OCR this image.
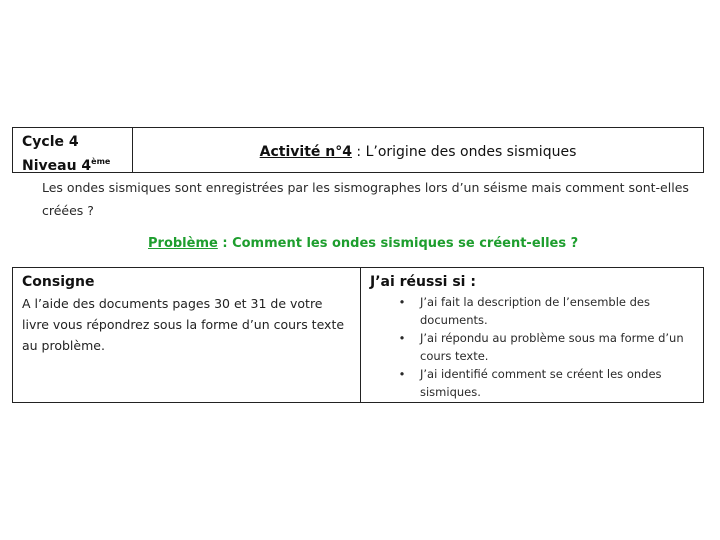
Cycle 4
Niveau 4ème
Activité n°4 : L’origine des ondes sismiques
Les ondes sismiques sont enregistrées par les sismographes lors d’un séisme mais comment sont-elles créées ?
Problème : Comment les ondes sismiques se créent-elles ?
Consigne
A l’aide des documents pages 30 et 31 de votre livre vous répondrez sous la forme d’un cours texte au problème.
J’ai réussi si :
•	J’ai fait la description de l’ensemble des documents.
•	J’ai répondu au problème sous ma forme d’un cours texte.
•	J’ai identifié comment se créent les ondes sismiques.
